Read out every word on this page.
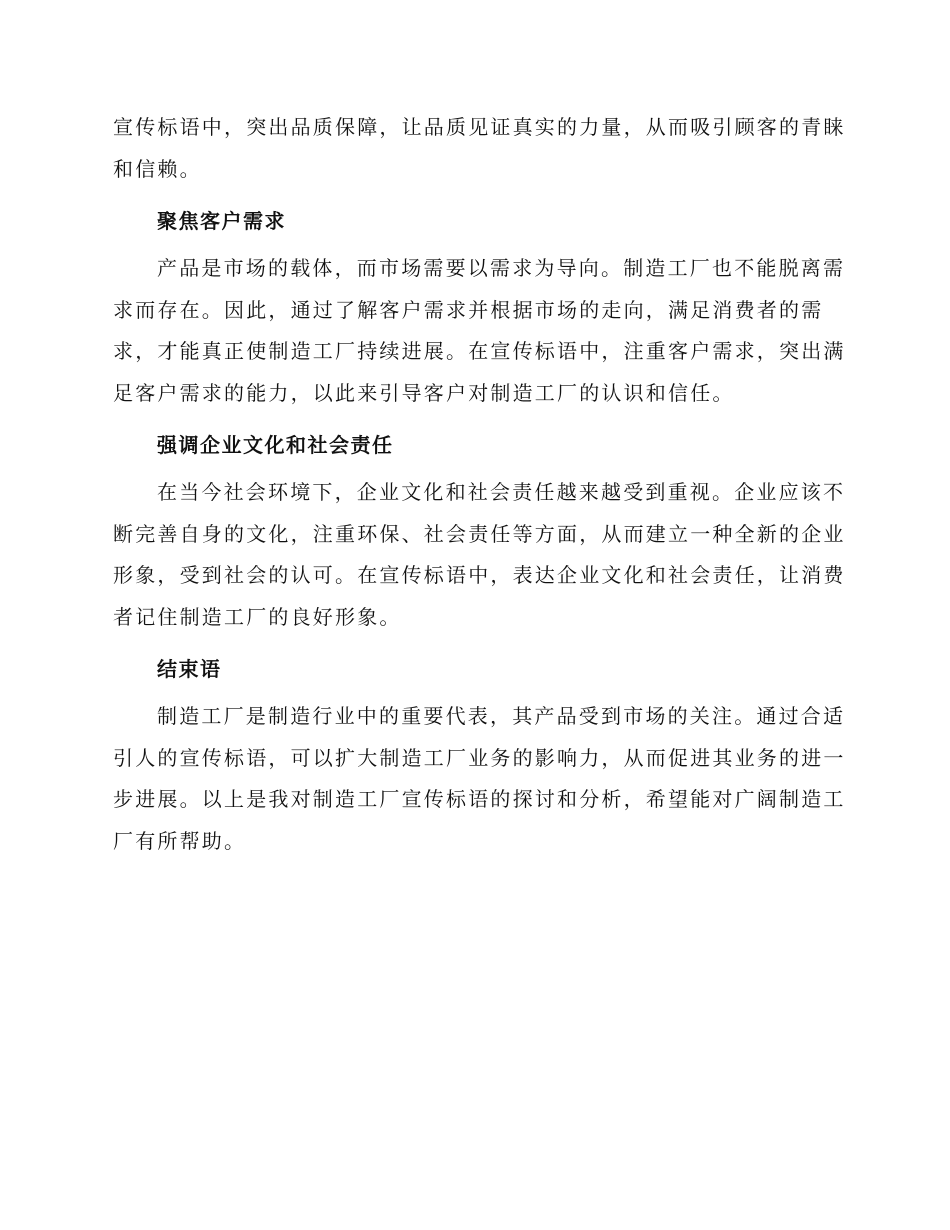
宣传标语中，突出品质保障，让品质见证真实的力量，从而吸引顾客的青睐
和信赖。

聚焦客户需求

产品是市场的载体，而市场需要以需求为导向。制造工厂也不能脱离需
求而存在。因此，通过了解客户需求并根据市场的走向，满足消费者的需
求，才能真正使制造工厂持续进展。在宣传标语中，注重客户需求，突出满
足客户需求的能力，以此来引导客户对制造工厂的认识和信任。

强调企业文化和社会责任

在当今社会环境下，企业文化和社会责任越来越受到重视。企业应该不
断完善自身的文化，注重环保、社会责任等方面，从而建立一种全新的企业
形象，受到社会的认可。在宣传标语中，表达企业文化和社会责任，让消费
者记住制造工厂的良好形象。

结束语

制造工厂是制造行业中的重要代表，其产品受到市场的关注。通过合适
引人的宣传标语，可以扩大制造工厂业务的影响力，从而促进其业务的进一
步进展。以上是我对制造工厂宣传标语的探讨和分析，希望能对广阔制造工
厂有所帮助。
